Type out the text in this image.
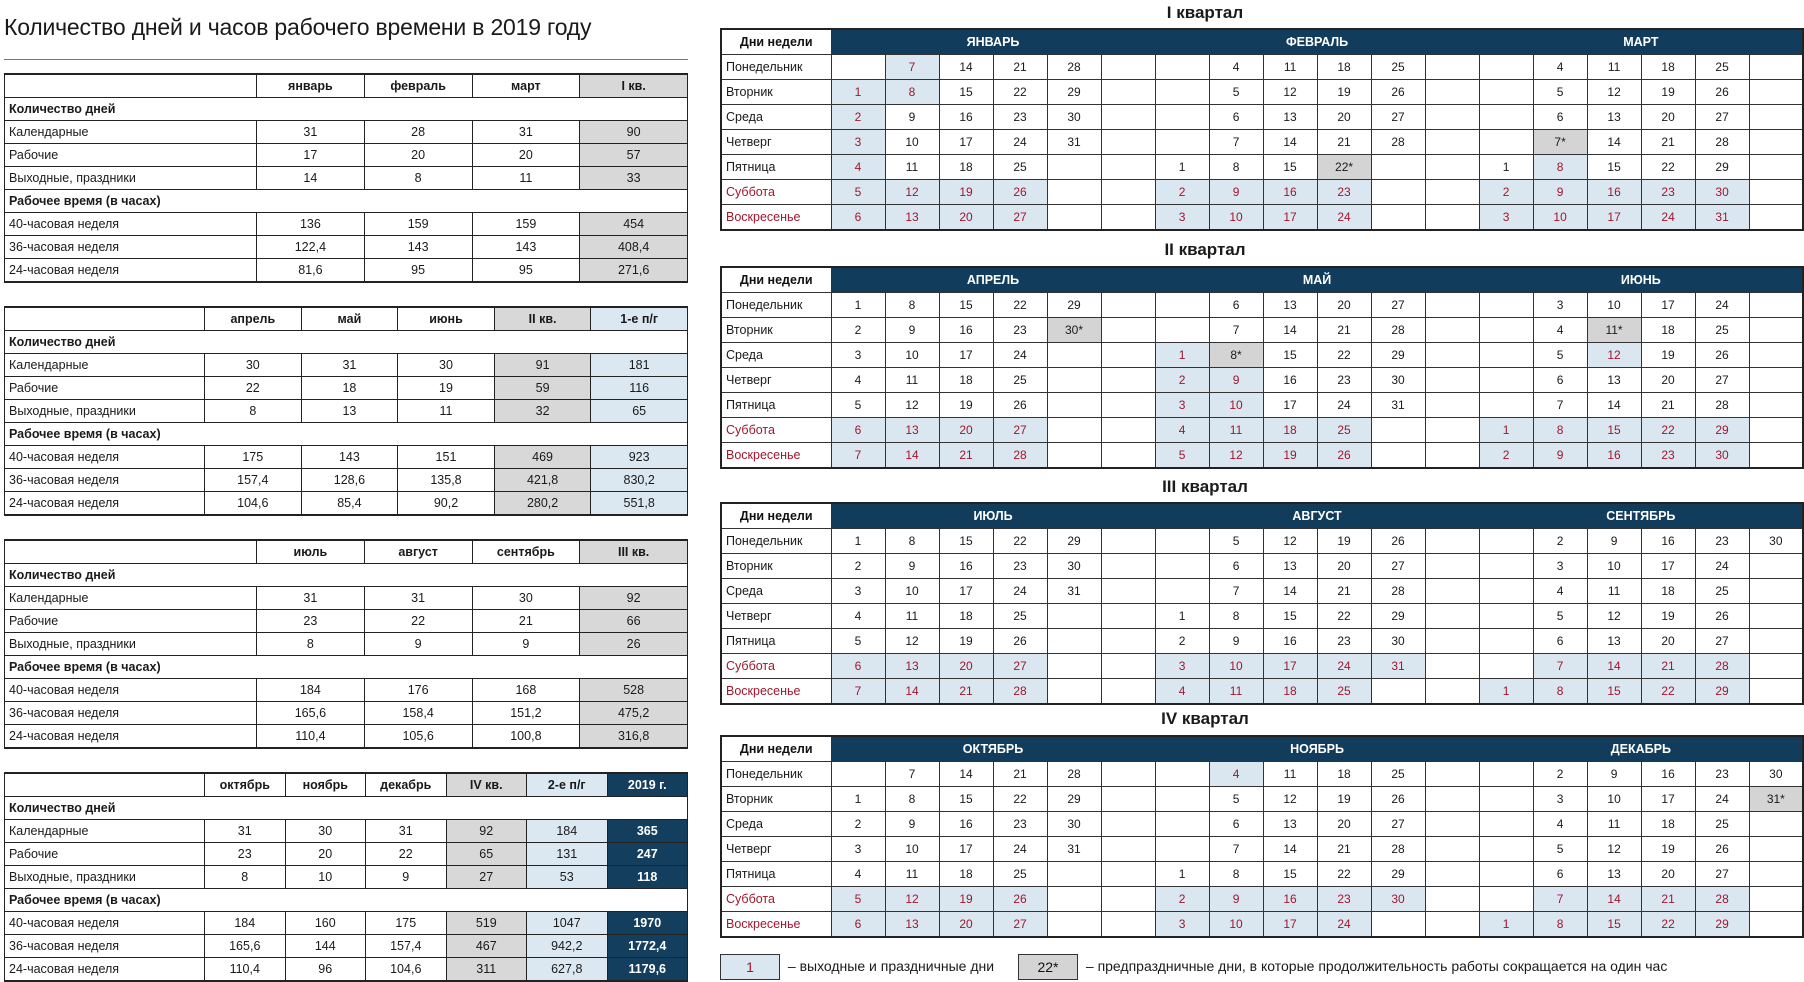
Количество дней и часов рабочего времени в 2019 году
	январь	февраль	март	I кв.
Количество дней				
Календарные	31	28	31	90
Рабочие	17	20	20	57
Выходные, праздники	14	8	11	33
Рабочее время (в часах)				
40-часовая неделя	136	159	159	454
36-часовая неделя	122,4	143	143	408,4
24-часовая неделя	81,6	95	95	271,6
	апрель	май	июнь	II кв.	1-е п/г
Количество дней					
Календарные	30	31	30	91	181
Рабочие	22	18	19	59	116
Выходные, праздники	8	13	11	32	65
Рабочее время (в часах)					
40-часовая неделя	175	143	151	469	923
36-часовая неделя	157,4	128,6	135,8	421,8	830,2
24-часовая неделя	104,6	85,4	90,2	280,2	551,8
	июль	август	сентябрь	III кв.
Количество дней				
Календарные	31	31	30	92
Рабочие	23	22	21	66
Выходные, праздники	8	9	9	26
Рабочее время (в часах)				
40-часовая неделя	184	176	168	528
36-часовая неделя	165,6	158,4	151,2	475,2
24-часовая неделя	110,4	105,6	100,8	316,8
	октябрь	ноябрь	декабрь	IV кв.	2-е п/г	2019 г.
Количество дней						
Календарные	31	30	31	92	184	365
Рабочие	23	20	22	65	131	247
Выходные, праздники	8	10	9	27	53	118
Рабочее время (в часах)						
40-часовая неделя	184	160	175	519	1047	1970
36-часовая неделя	165,6	144	157,4	467	942,2	1772,4
24-часовая неделя	110,4	96	104,6	311	627,8	1179,6
I квартал
Дни недели	ЯНВАРЬ						ФЕВРАЛЬ						МАРТ					
Понедельник		7	14	21	28			4	11	18	25			4	11	18	25	
Вторник	1	8	15	22	29			5	12	19	26			5	12	19	26	
Среда	2	9	16	23	30			6	13	20	27			6	13	20	27	
Четверг	3	10	17	24	31			7	14	21	28			7*	14	21	28	
Пятница	4	11	18	25			1	8	15	22*			1	8	15	22	29	
Суббота	5	12	19	26			2	9	16	23			2	9	16	23	30	
Воскресенье	6	13	20	27			3	10	17	24			3	10	17	24	31	
II квартал
Дни недели	АПРЕЛЬ						МАЙ						ИЮНЬ					
Понедельник	1	8	15	22	29			6	13	20	27			3	10	17	24	
Вторник	2	9	16	23	30*			7	14	21	28			4	11*	18	25	
Среда	3	10	17	24			1	8*	15	22	29			5	12	19	26	
Четверг	4	11	18	25			2	9	16	23	30			6	13	20	27	
Пятница	5	12	19	26			3	10	17	24	31			7	14	21	28	
Суббота	6	13	20	27			4	11	18	25			1	8	15	22	29	
Воскресенье	7	14	21	28			5	12	19	26			2	9	16	23	30	
III квартал
Дни недели	ИЮЛЬ						АВГУСТ						СЕНТЯБРЬ					
Понедельник	1	8	15	22	29			5	12	19	26			2	9	16	23	30
Вторник	2	9	16	23	30			6	13	20	27			3	10	17	24	
Среда	3	10	17	24	31			7	14	21	28			4	11	18	25	
Четверг	4	11	18	25			1	8	15	22	29			5	12	19	26	
Пятница	5	12	19	26			2	9	16	23	30			6	13	20	27	
Суббота	6	13	20	27			3	10	17	24	31			7	14	21	28	
Воскресенье	7	14	21	28			4	11	18	25			1	8	15	22	29	
IV квартал
Дни недели	ОКТЯБРЬ						НОЯБРЬ						ДЕКАБРЬ					
Понедельник		7	14	21	28			4	11	18	25			2	9	16	23	30
Вторник	1	8	15	22	29			5	12	19	26			3	10	17	24	31*
Среда	2	9	16	23	30			6	13	20	27			4	11	18	25	
Четверг	3	10	17	24	31			7	14	21	28			5	12	19	26	
Пятница	4	11	18	25			1	8	15	22	29			6	13	20	27	
Суббота	5	12	19	26			2	9	16	23	30			7	14	21	28	
Воскресенье	6	13	20	27			3	10	17	24			1	8	15	22	29	
1 – выходные и праздничные дни	22* – предпраздничные дни, в которые продолжительность работы сокращается на один час
